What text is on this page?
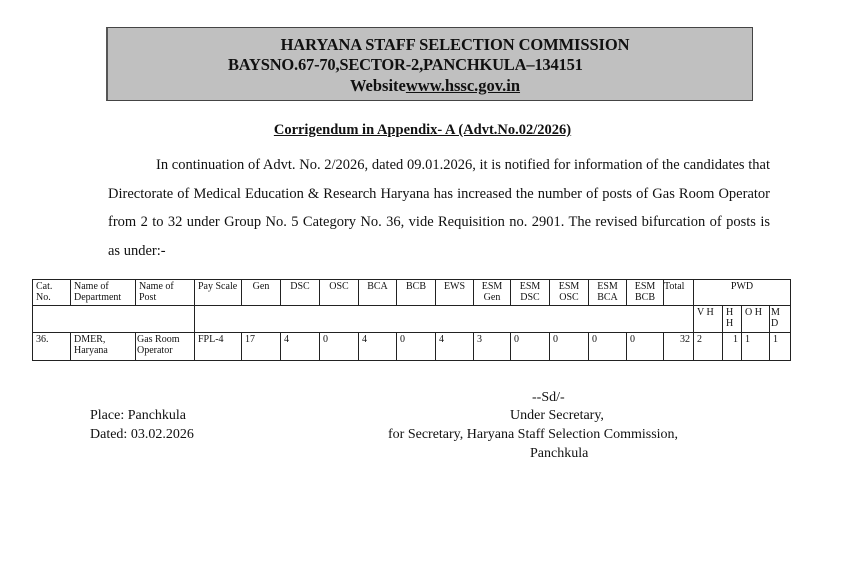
HARYANA STAFF SELECTION COMMISSION
BAYSNO.67-70,SECTOR-2,PANCHKULA–134151
Websitewww.hssc.gov.in
Corrigendum in Appendix- A (Advt.No.02/2026)
In continuation of Advt. No. 2/2026, dated 09.01.2026, it is notified for information of the candidates that Directorate of Medical Education & Research Haryana has increased the number of posts of Gas Room Operator from 2 to 32 under Group No. 5 Category No. 36, vide Requisition no. 2901. The revised bifurcation of posts is as under:-
Cat. No.	Name of Department	Name of Post	Pay Scale	Gen	DSC	OSC	BCA	BCB	EWS	ESM Gen	ESM DSC	ESM OSC	ESM BCA	ESM BCB	Total	PWD			
																V H	H H	O H	M D
36.	DMER, Haryana	Gas Room Operator	FPL-4	17	4	0	4	0	4	3	0	0	0	0	32	2	1	1	1
Place: Panchkula
Dated: 03.02.2026
--Sd/-
Under Secretary,
for Secretary, Haryana Staff Selection Commission,
Panchkula
